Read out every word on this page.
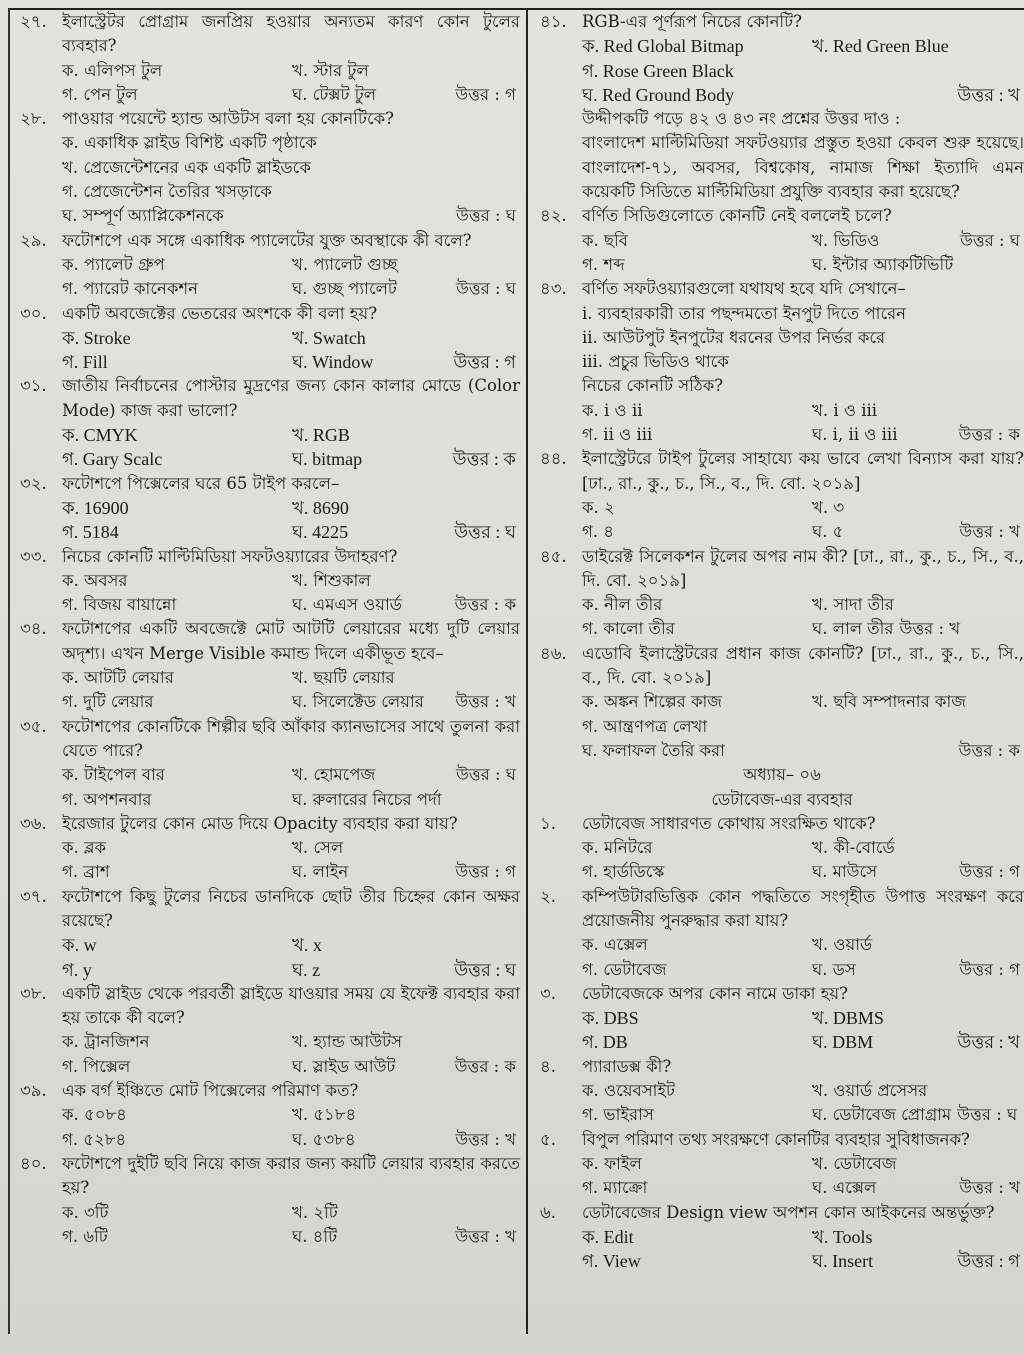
২৭. ইলাস্ট্রেটর প্রোগ্রাম জনপ্রিয় হওয়ার অন্যতম কারণ কোন টুলের ব্যবহার?
ক. এলিপস টুল	খ. স্টার টুল
গ. পেন টুল	ঘ. টেক্সট টুল	উত্তর : গ
২৮. পাওয়ার পয়েন্টে হ্যান্ড আউটস বলা হয় কোনটিকে?
ক. একাধিক স্লাইড বিশিষ্ট একটি পৃষ্ঠাকে
খ. প্রেজেন্টেশনের এক একটি স্লাইডকে
গ. প্রেজেন্টেশন তৈরির খসড়াকে
ঘ. সম্পূর্ণ অ্যাপ্লিকেশনকে	উত্তর : ঘ
২৯. ফটোশপে এক সঙ্গে একাধিক প্যালেটের যুক্ত অবস্থাকে কী বলে?
ক. প্যালেট গ্রুপ	খ. প্যালেট গুচ্ছ
গ. প্যারেট কানেকশন	ঘ. গুচ্ছ প্যালেট	উত্তর : ঘ
৩০. একটি অবজেক্টের ভেতরের অংশকে কী বলা হয়?
ক. Stroke	খ. Swatch
গ. Fill	ঘ. Window	উত্তর : গ
৩১. জাতীয় নির্বাচনের পোস্টার মুদ্রণের জন্য কোন কালার মোডে (Color Mode) কাজ করা ভালো?
ক. CMYK	খ. RGB
গ. Gary Scalc	ঘ. bitmap	উত্তর : ক
৩২. ফটোশপে পিক্সেলের ঘরে 65 টাইপ করলে–
ক. 16900	খ. 8690
গ. 5184	ঘ. 4225	উত্তর : ঘ
৩৩. নিচের কোনটি মাল্টিমিডিয়া সফটওয়্যারের উদাহরণ?
ক. অবসর	খ. শিশুকাল
গ. বিজয় বায়ান্নো	ঘ. এমএস ওয়ার্ড	উত্তর : ক
৩৪. ফটোশপের একটি অবজেক্টে মোট আটটি লেয়ারের মধ্যে দুটি লেয়ার অদৃশ্য। এখন Merge Visible কমান্ড দিলে একীভূত হবে–
ক. আটটি লেয়ার	খ. ছয়টি লেয়ার
গ. দুটি লেয়ার	ঘ. সিলেক্টেড লেয়ার	উত্তর : খ
৩৫. ফটোশপের কোনটিকে শিল্পীর ছবি আঁকার ক্যানভাসের সাথে তুলনা করা যেতে পারে?
ক. টাইপেল বার	খ. হোমপেজ	উত্তর : ঘ
গ. অপশনবার	ঘ. রুলারের নিচের পর্দা
৩৬. ইরেজার টুলের কোন মোড দিয়ে Opacity ব্যবহার করা যায়?
ক. ব্লক	খ. সেল
গ. ব্রাশ	ঘ. লাইন	উত্তর : গ
৩৭. ফটোশপে কিছু টুলের নিচের ডানদিকে ছোট তীর চিহ্নের কোন অক্ষর রয়েছে?
ক. w	খ. x
গ. y	ঘ. z	উত্তর : ঘ
৩৮. একটি স্লাইড থেকে পরবর্তী স্লাইডে যাওয়ার সময় যে ইফেক্ট ব্যবহার করা হয় তাকে কী বলে?
ক. ট্রানজিশন	খ. হ্যান্ড আউটস
গ. পিক্সেল	ঘ. স্লাইড আউট	উত্তর : ক
৩৯. এক বর্গ ইঞ্চিতে মোট পিক্সেলের পরিমাণ কত?
ক. ৫০৮৪	খ. ৫১৮৪
গ. ৫২৮৪	ঘ. ৫৩৮৪	উত্তর : খ
৪০. ফটোশপে দুইটি ছবি নিয়ে কাজ করার জন্য কয়টি লেয়ার ব্যবহার করতে হয়?
ক. ৩টি	খ. ২টি
গ. ৬টি	ঘ. ৪টি	উত্তর : খ
৪১. RGB-এর পূর্ণরূপ নিচের কোনটি?
ক. Red Global Bitmap	খ. Red Green Blue
গ. Rose Green Black
ঘ. Red Ground Body	উত্তর : খ
উদ্দীপকটি পড়ে ৪২ ও ৪৩ নং প্রশ্নের উত্তর দাও :
বাংলাদেশ মাল্টিমিডিয়া সফটওয়্যার প্রস্তুত হওয়া কেবল শুরু হয়েছে। বাংলাদেশ-৭১, অবসর, বিশ্বকোষ, নামাজ শিক্ষা ইত্যাদি এমন কয়েকটি সিডিতে মাল্টিমিডিয়া প্রযুক্তি ব্যবহার করা হয়েছে?
৪২. বর্ণিত সিডিগুলোতে কোনটি নেই বললেই চলে?
ক. ছবি	খ. ভিডিও	উত্তর : ঘ
গ. শব্দ	ঘ. ইন্টার অ্যাকটিভিটি
৪৩. বর্ণিত সফটওয়্যারগুলো যথাযথ হবে যদি সেখানে–
i. ব্যবহারকারী তার পছন্দমতো ইনপুট দিতে পারেন
ii. আউটপুট ইনপুটের ধরনের উপর নির্ভর করে
iii. প্রচুর ভিডিও থাকে
নিচের কোনটি সঠিক?
ক. i ও ii	খ. i ও iii
গ. ii ও iii	ঘ. i, ii ও iii	উত্তর : ক
৪৪. ইলাস্ট্রেটরে টাইপ টুলের সাহায্যে কয় ভাবে লেখা বিন্যাস করা যায়? [ঢা., রা., কু., চ., সি., ব., দি. বো. ২০১৯]
ক. ২	খ. ৩
গ. ৪	ঘ. ৫	উত্তর : খ
৪৫. ডাইরেক্ট সিলেকশন টুলের অপর নাম কী? [ঢা., রা., কু., চ., সি., ব., দি. বো. ২০১৯]
ক. নীল তীর	খ. সাদা তীর
গ. কালো তীর	ঘ. লাল তীর উত্তর : খ
৪৬. এডোবি ইলাস্ট্রেটরের প্রধান কাজ কোনটি? [ঢা., রা., কু., চ., সি., ব., দি. বো. ২০১৯]
ক. অঙ্কন শিল্পের কাজ	খ. ছবি সম্পাদনার কাজ
গ. আন্ত্রণপত্র লেখা
ঘ. ফলাফল তৈরি করা	উত্তর : ক
অধ্যায়– ০৬
ডেটাবেজ-এর ব্যবহার
১.	ডেটাবেজ সাধারণত কোথায় সংরক্ষিত থাকে?
ক. মনিটরে	খ. কী-বোর্ডে
গ. হার্ডডিস্কে	ঘ. মাউসে	উত্তর : গ
২.	কম্পিউটারভিত্তিক কোন পদ্ধতিতে সংগৃহীত উপাত্ত সংরক্ষণ করে প্রয়োজনীয় পুনরুদ্ধার করা যায়?
ক. এক্সেল	খ. ওয়ার্ড
গ. ডেটাবেজ	ঘ. ডস	উত্তর : গ
৩.	ডেটাবেজকে অপর কোন নামে ডাকা হয়?
ক. DBS	খ. DBMS
গ. DB	ঘ. DBM	উত্তর : খ
৪.	প্যারাডক্স কী?
ক. ওয়েবসাইট	খ. ওয়ার্ড প্রসেসর
গ. ভাইরাস	ঘ. ডেটাবেজ প্রোগ্রাম উত্তর : ঘ
৫.	বিপুল পরিমাণ তথ্য সংরক্ষণে কোনটির ব্যবহার সুবিধাজনক?
ক. ফাইল	খ. ডেটাবেজ
গ. ম্যাক্রো	ঘ. এক্সেল	উত্তর : খ
৬.	ডেটাবেজের Design view অপশন কোন আইকনের অন্তর্ভুক্ত?
ক. Edit	খ. Tools
গ. View	ঘ. Insert	উত্তর : গ
